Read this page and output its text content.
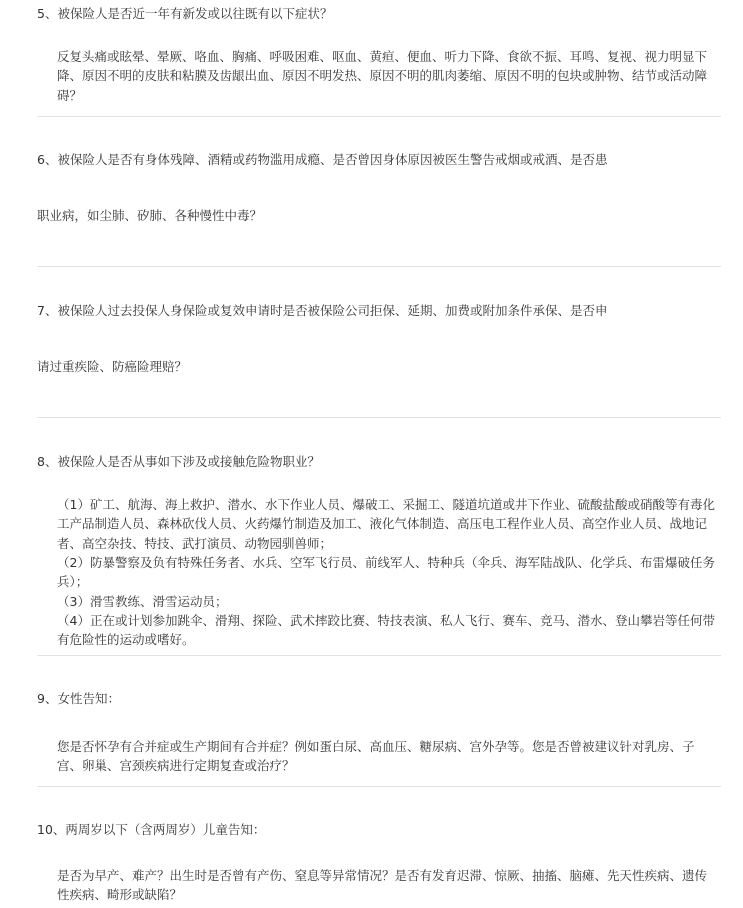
5、被保险人是否近一年有新发或以往既有以下症状？
反复头痛或眩晕、晕厥、咯血、胸痛、呼吸困难、呕血、黄疸、便血、听力下降、食欲不振、耳鸣、复视、视力明显下降、原因不明的皮肤和粘膜及齿龈出血、原因不明发热、原因不明的肌肉萎缩、原因不明的包块或肿物、结节或活动障碍？
6、被保险人是否有身体残障、酒精或药物滥用成瘾、是否曾因身体原因被医生警告戒烟或戒酒、是否患
职业病，如尘肺、矽肺、各种慢性中毒？
7、被保险人过去投保人身保险或复效申请时是否被保险公司拒保、延期、加费或附加条件承保、是否申
请过重疾险、防癌险理赔？
8、被保险人是否从事如下涉及或接触危险物职业？
（1）矿工、航海、海上救护、潜水、水下作业人员、爆破工、采掘工、隧道坑道或井下作业、硫酸盐酸或硝酸等有毒化工产品制造人员、森林砍伐人员、火药爆竹制造及加工、液化气体制造、高压电工程作业人员、高空作业人员、战地记者、高空杂技、特技、武打演员、动物园驯兽师；
（2）防暴警察及负有特殊任务者、水兵、空军飞行员、前线军人、特种兵（伞兵、海军陆战队、化学兵、布雷爆破任务兵）；
（3）滑雪教练、滑雪运动员；
（4）正在或计划参加跳伞、滑翔、探险、武术摔跤比赛、特技表演、私人飞行、赛车、竞马、潜水、登山攀岩等任何带有危险性的运动或嗜好。
9、女性告知：
您是否怀孕有合并症或生产期间有合并症？例如蛋白尿、高血压、糖尿病、宫外孕等。您是否曾被建议针对乳房、子宫、卵巢、宫颈疾病进行定期复查或治疗？
10、两周岁以下（含两周岁）儿童告知：
是否为早产、难产？出生时是否曾有产伤、窒息等异常情况？是否有发育迟滞、惊厥、抽搐、脑瘫、先天性疾病、遗传性疾病、畸形或缺陷？
